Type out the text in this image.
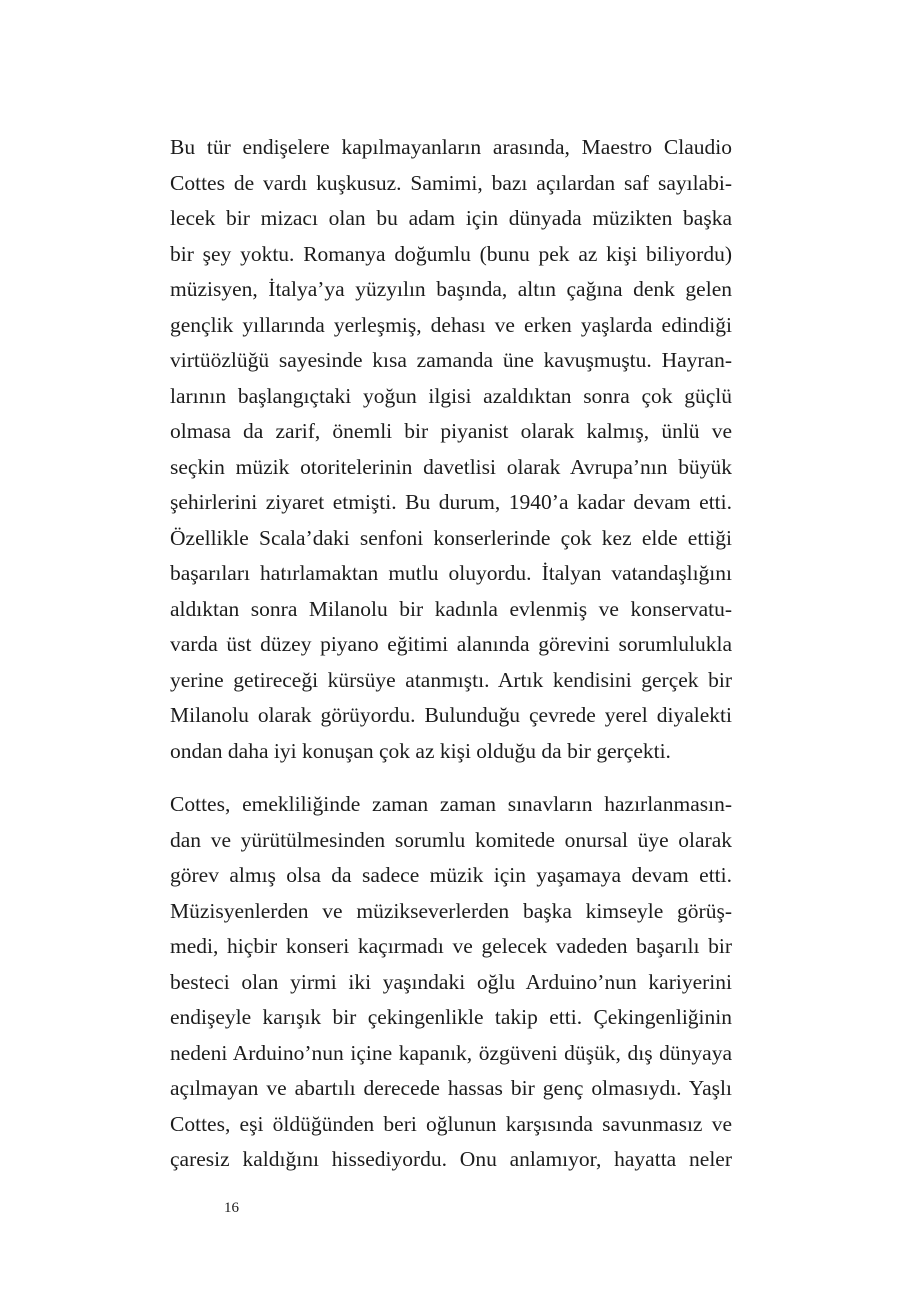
Bu tür endişelere kapılmayanların arasında, Maestro Claudio
Cottes de vardı kuşkusuz. Samimi, bazı açılardan saf sayılabi-
lecek bir mizacı olan bu adam için dünyada müzikten başka
bir şey yoktu. Romanya doğumlu (bunu pek az kişi biliyordu)
müzisyen, İtalya’ya yüzyılın başında, altın çağına denk gelen
gençlik yıllarında yerleşmiş, dehası ve erken yaşlarda edindiği
virtüözlüğü sayesinde kısa zamanda üne kavuşmuştu. Hayran-
larının başlangıçtaki yoğun ilgisi azaldıktan sonra çok güçlü
olmasa da zarif, önemli bir piyanist olarak kalmış, ünlü ve
seçkin müzik otoritelerinin davetlisi olarak Avrupa’nın büyük
şehirlerini ziyaret etmişti. Bu durum, 1940’a kadar devam etti.
Özellikle Scala’daki senfoni konserlerinde çok kez elde ettiği
başarıları hatırlamaktan mutlu oluyordu. İtalyan vatandaşlığını
aldıktan sonra Milanolu bir kadınla evlenmiş ve konservatu-
varda üst düzey piyano eğitimi alanında görevini sorumlulukla
yerine getireceği kürsüye atanmıştı. Artık kendisini gerçek bir
Milanolu olarak görüyordu. Bulunduğu çevrede yerel diyalekti
ondan daha iyi konuşan çok az kişi olduğu da bir gerçekti.
Cottes, emekliliğinde zaman zaman sınavların hazırlanmasın-
dan ve yürütülmesinden sorumlu komitede onursal üye olarak
görev almış olsa da sadece müzik için yaşamaya devam etti.
Müzisyenlerden ve müzikseverlerden başka kimseyle görüş-
medi, hiçbir konseri kaçırmadı ve gelecek vadeden başarılı bir
besteci olan yirmi iki yaşındaki oğlu Arduino’nun kariyerini
endişeyle karışık bir çekingenlikle takip etti. Çekingenliğinin
nedeni Arduino’nun içine kapanık, özgüveni düşük, dış dünyaya
açılmayan ve abartılı derecede hassas bir genç olmasıydı. Yaşlı
Cottes, eşi öldüğünden beri oğlunun karşısında savunmasız ve
çaresiz kaldığını hissediyordu. Onu anlamıyor, hayatta neler
16
